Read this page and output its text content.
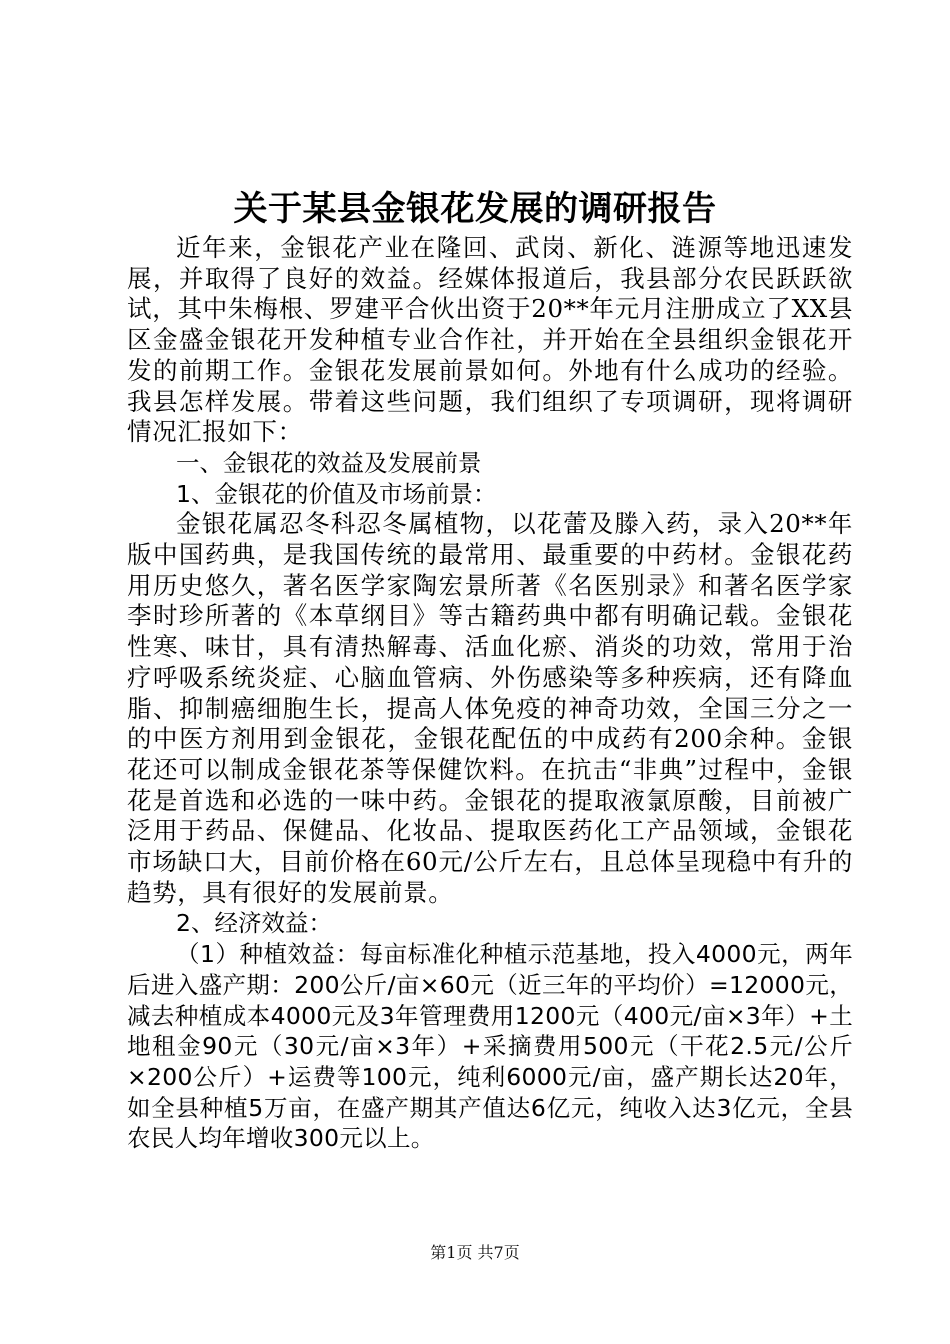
关于某县金银花发展的调研报告

近年来，金银花产业在隆回、武岗、新化、涟源等地迅速发展，并取得了良好的效益。经媒体报道后，我县部分农民跃跃欲试，其中朱梅根、罗建平合伙出资于20**年元月注册成立了XX县区金盛金银花开发种植专业合作社，并开始在全县组织金银花开发的前期工作。金银花发展前景如何。外地有什么成功的经验。我县怎样发展。带着这些问题，我们组织了专项调研，现将调研情况汇报如下：

一、金银花的效益及发展前景

1、金银花的价值及市场前景：

金银花属忍冬科忍冬属植物，以花蕾及滕入药，录入20**年版中国药典，是我国传统的最常用、最重要的中药材。金银花药用历史悠久，著名医学家陶宏景所著《名医别录》和著名医学家李时珍所著的《本草纲目》等古籍药典中都有明确记载。金银花性寒、味甘，具有清热解毒、活血化瘀、消炎的功效，常用于治疗呼吸系统炎症、心脑血管病、外伤感染等多种疾病，还有降血脂、抑制癌细胞生长，提高人体免疫的神奇功效，全国三分之一的中医方剂用到金银花，金银花配伍的中成药有200余种。金银花还可以制成金银花茶等保健饮料。在抗击“非典”过程中，金银花是首选和必选的一味中药。金银花的提取液氯原酸，目前被广泛用于药品、保健品、化妆品、提取医药化工产品领域，金银花市场缺口大，目前价格在60元/公斤左右，且总体呈现稳中有升的趋势，具有很好的发展前景。

2、经济效益：

（1）种植效益：每亩标准化种植示范基地，投入4000元，两年后进入盛产期：200公斤/亩×60元（近三年的平均价）=12000元，减去种植成本4000元及3年管理费用1200元（400元/亩×3年）+土地租金90元（30元/亩×3年）+采摘费用500元（干花2.5元/公斤×200公斤）+运费等100元，纯利6000元/亩，盛产期长达20年，如全县种植5万亩，在盛产期其产值达6亿元，纯收入达3亿元，全县农民人均年增收300元以上。

第1页 共7页
